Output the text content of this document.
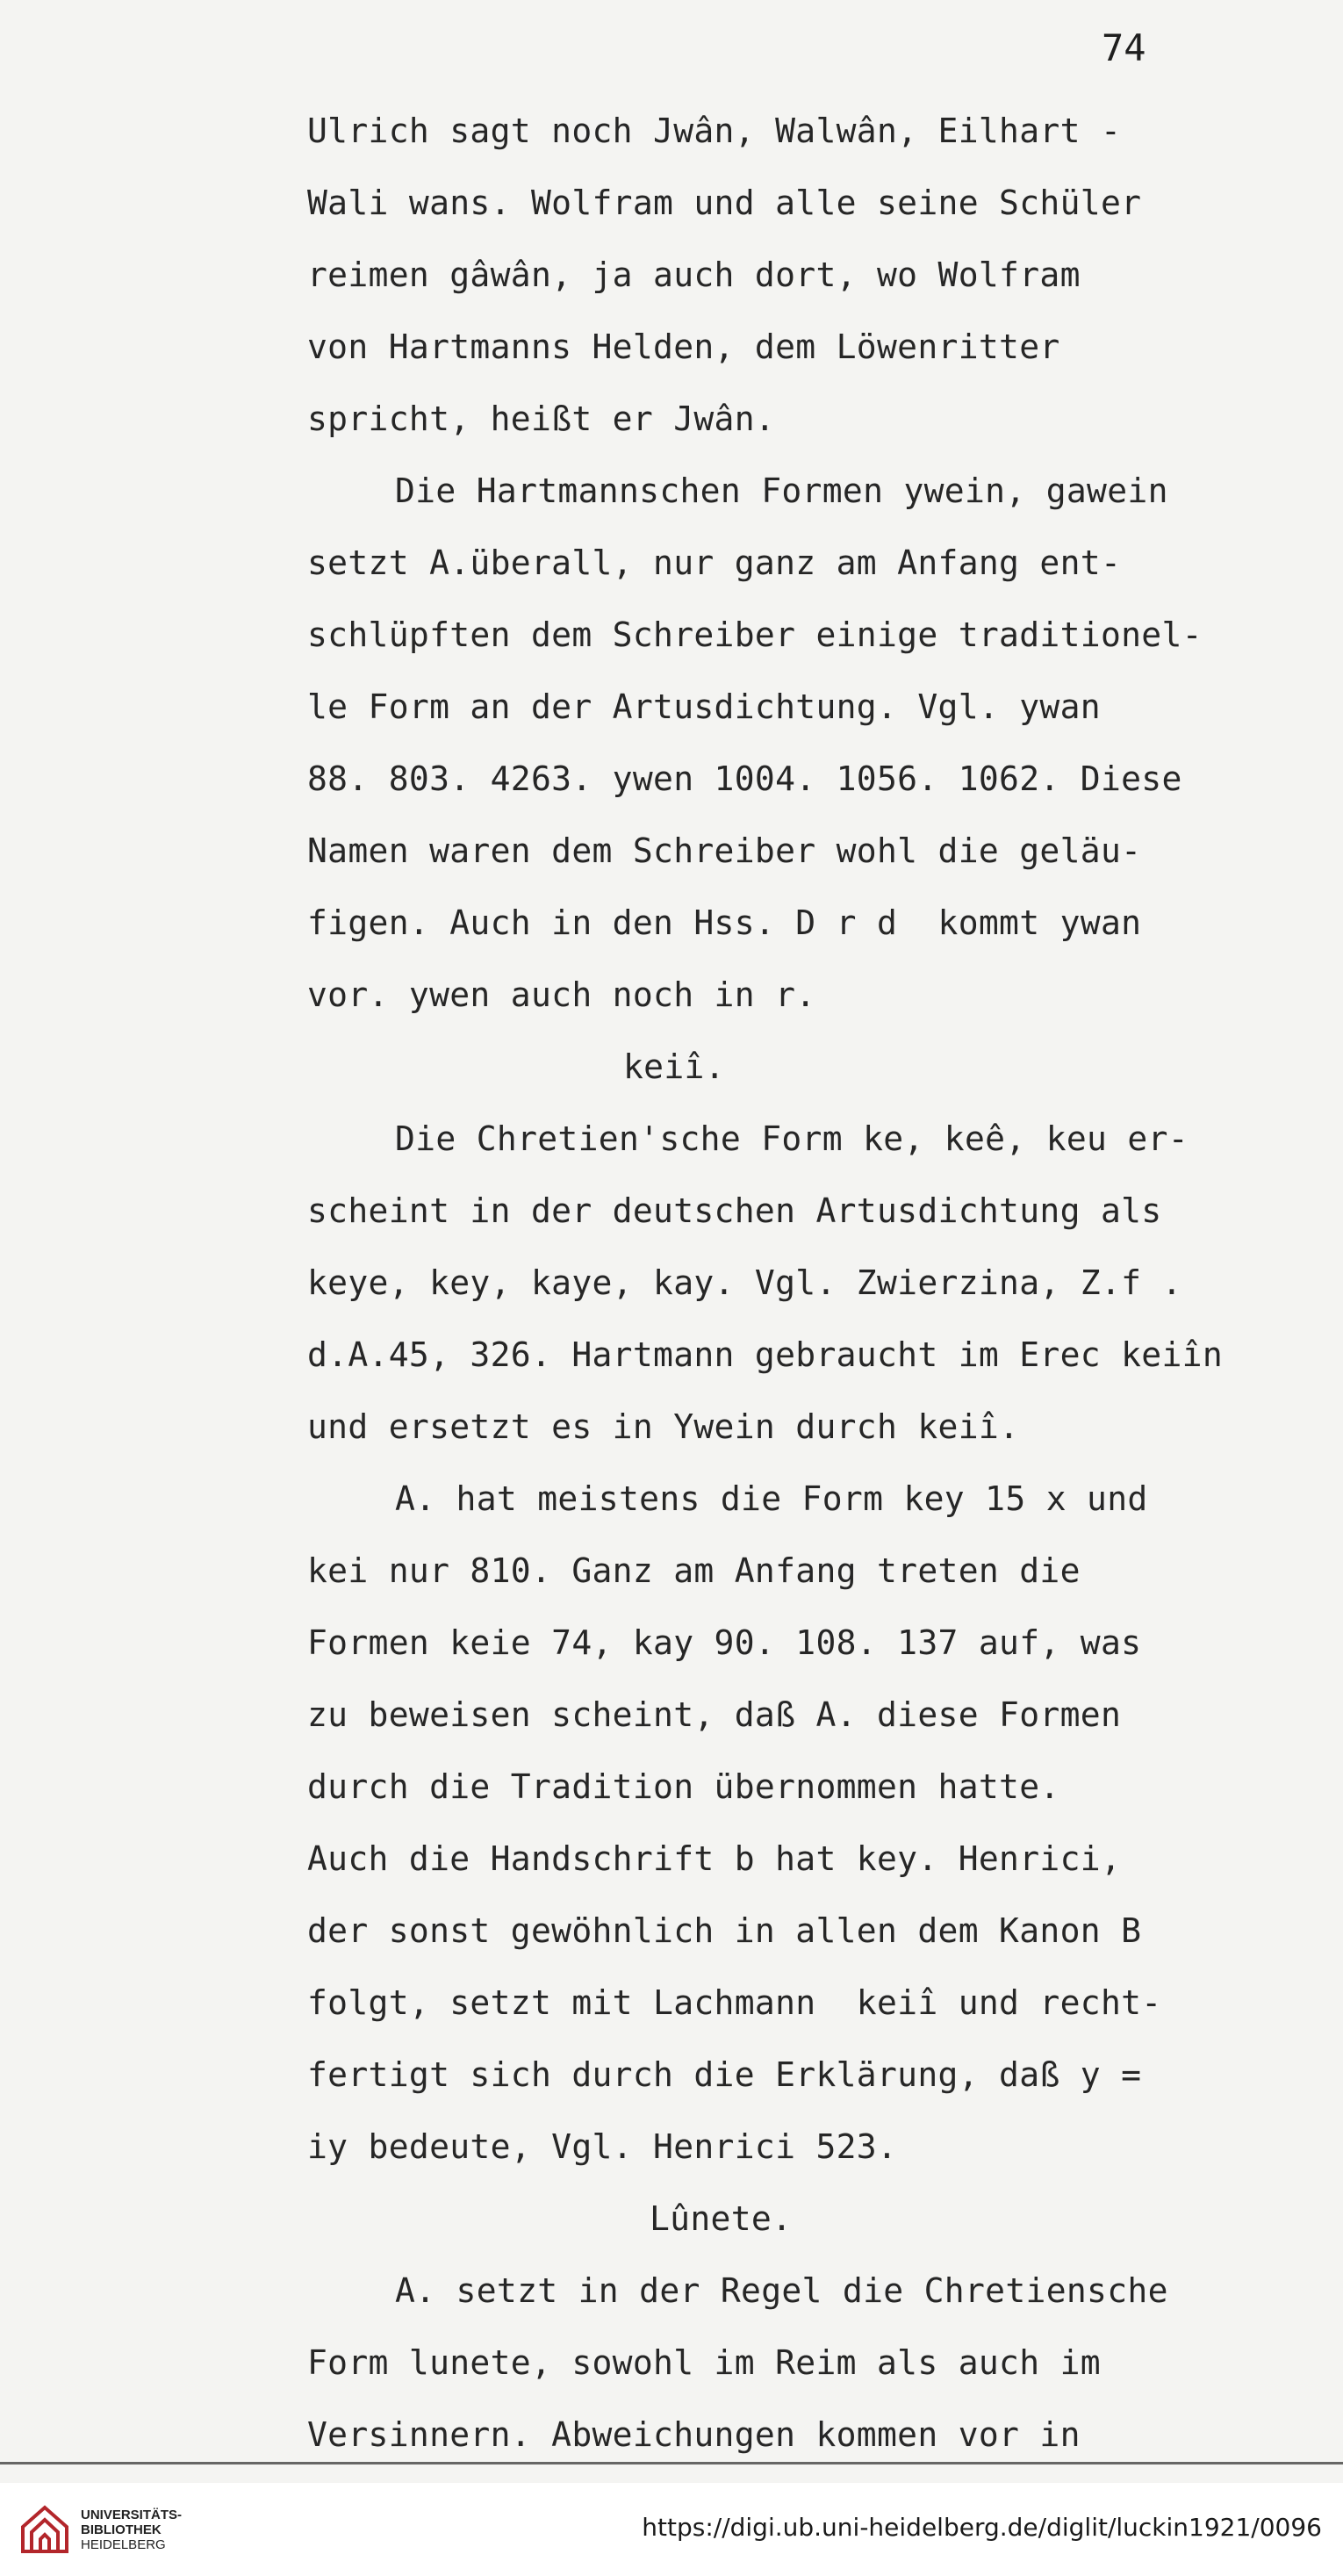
74
Ulrich sagt noch Jwân, Walwân, Eilhart -
Wali wans. Wolfram und alle seine Schüler
reimen gâwân, ja auch dort, wo Wolfram
von Hartmanns Helden, dem Löwenritter
spricht, heißt er Jwân.
Die Hartmannschen Formen ywein, gawein
setzt A.überall, nur ganz am Anfang ent-
schlüpften dem Schreiber einige traditionel-
le Form an der Artusdichtung. Vgl. ywan
88. 803. 4263. ywen 1004. 1056. 1062. Diese
Namen waren dem Schreiber wohl die geläu-
figen. Auch in den Hss. D r d  kommt ywan
vor. ywen auch noch in r.
keiî.
Die Chretien'sche Form ke, keê, keu er-
scheint in der deutschen Artusdichtung als
keye, key, kaye, kay. Vgl. Zwierzina, Z.f .
d.A.45, 326. Hartmann gebraucht im Erec keiîn
und ersetzt es in Ywein durch keiî.
A. hat meistens die Form key 15 x und
kei nur 810. Ganz am Anfang treten die
Formen keie 74, kay 90. 108. 137 auf, was
zu beweisen scheint, daß A. diese Formen
durch die Tradition übernommen hatte.
Auch die Handschrift b hat key. Henrici,
der sonst gewöhnlich in allen dem Kanon B
folgt, setzt mit Lachmann  keiî und recht-
fertigt sich durch die Erklärung, daß y =
iy bedeute, Vgl. Henrici 523.
Lûnete.
A. setzt in der Regel die Chretiensche
Form lunete, sowohl im Reim als auch im
Versinnern. Abweichungen kommen vor in
UNIVERSITÄTS-
BIBLIOTHEK
HEIDELBERG
https://digi.ub.uni-heidelberg.de/diglit/luckin1921/0096
